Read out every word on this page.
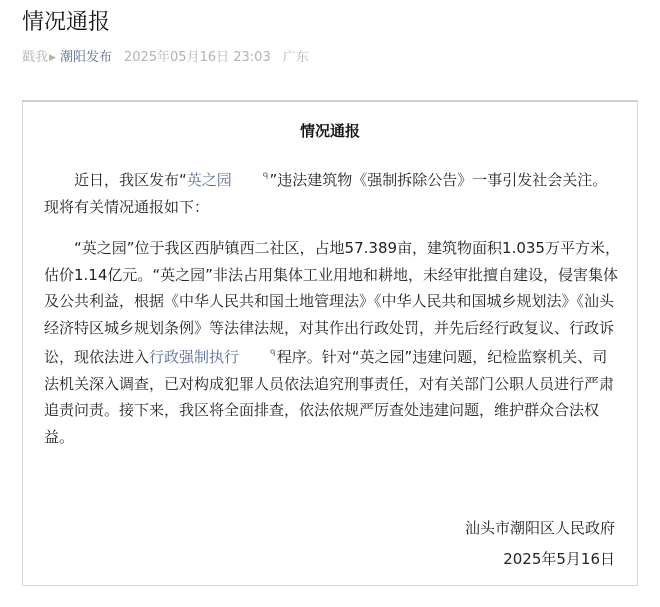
情况通报
戳我 ▶ 潮阳发布 2025年05月16日 23:03 广东
情况通报

近日，我区发布“英之园	ᑫ”违法建筑物《强制拆除公告》一事引发社会关注。现将有关情况通报如下：

“英之园”位于我区西胪镇西二社区，占地57.389亩，建筑物面积1.035万平方米，估价1.14亿元。“英之园”非法占用集体工业用地和耕地，未经审批擅自建设，侵害集体及公共利益，根据《中华人民共和国土地管理法》《中华人民共和国城乡规划法》《汕头经济特区城乡规划条例》等法律法规，对其作出行政处罚，并先后经行政复议、行政诉讼，现依法进入行政强制执行	ᑫ程序。针对“英之园”违建问题，纪检监察机关、司法机关深入调查，已对构成犯罪人员依法追究刑事责任，对有关部门公职人员进行严肃追责问责。接下来，我区将全面排查，依法依规严厉查处违建问题，维护群众合法权益。

汕头市潮阳区人民政府
2025年5月16日
